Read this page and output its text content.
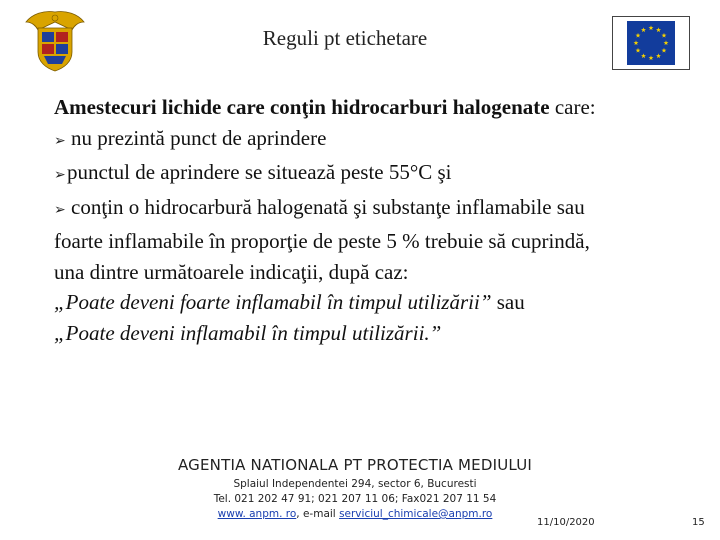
Reguli pt etichetare
Amestecuri lichide care conţin hidrocarburi halogenate care:
➢ nu prezintă punct de aprindere
➢punctul de aprindere se situează peste 55°C şi
➢ conţin o hidrocarbură halogenată şi substanţe inflamabile sau
foarte inflamabile în proporţie de peste 5 % trebuie să cuprindă,
una dintre următoarele indicaţii, după caz:
„Poate deveni foarte inflamabil în timpul utilizării” sau
„Poate deveni inflamabil în timpul utilizării.”
AGENTIA NATIONALA PT PROTECTIA MEDIULUI
Splaiul Independentei 294, sector 6, Bucuresti
Tel. 021 202 47 91; 021 207 11 06; Fax021 207 11 54
www. anpm. ro, e-mail serviciul_chimicale@anpm.ro
11/10/2020	15
